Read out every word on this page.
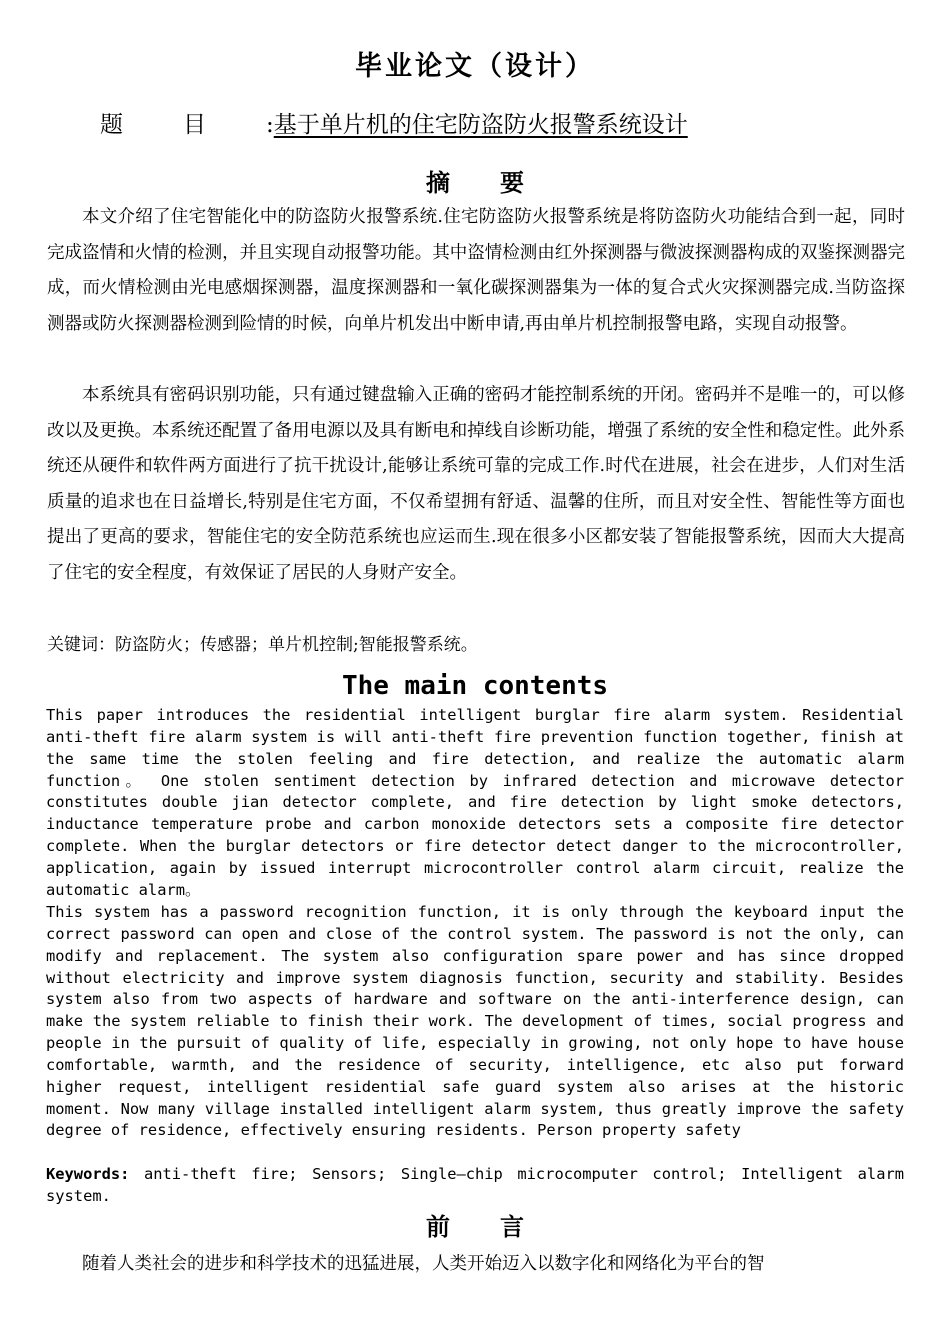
毕业论文（设计）
题目:基于单片机的住宅防盗防火报警系统设计
摘要

本文介绍了住宅智能化中的防盗防火报警系统.住宅防盗防火报警系统是将防盗防火功能结合到一起，同时完成盗情和火情的检测，并且实现自动报警功能。其中盗情检测由红外探测器与微波探测器构成的双鉴探测器完成，而火情检测由光电感烟探测器，温度探测器和一氧化碳探测器集为一体的复合式火灾探测器完成.当防盗探测器或防火探测器检测到险情的时候，向单片机发出中断申请,再由单片机控制报警电路，实现自动报警。

本系统具有密码识别功能，只有通过键盘输入正确的密码才能控制系统的开闭。密码并不是唯一的，可以修改以及更换。本系统还配置了备用电源以及具有断电和掉线自诊断功能，增强了系统的安全性和稳定性。此外系统还从硬件和软件两方面进行了抗干扰设计,能够让系统可靠的完成工作.时代在进展，社会在进步，人们对生活质量的追求也在日益增长,特别是住宅方面，不仅希望拥有舒适、温馨的住所，而且对安全性、智能性等方面也提出了更高的要求，智能住宅的安全防范系统也应运而生.现在很多小区都安装了智能报警系统，因而大大提高了住宅的安全程度，有效保证了居民的人身财产安全。

关键词：防盗防火；传感器；单片机控制;智能报警系统。

The main contents

This paper introduces the residential intelligent burglar fire alarm system. Residential anti-theft fire alarm system is will anti-theft fire prevention function together, finish at the same time the stolen feeling and fire detection, and realize the automatic alarm function。 One stolen sentiment detection by infrared detection and microwave detector constitutes double jian detector complete, and fire detection by light smoke detectors, inductance temperature probe and carbon monoxide detectors sets a composite fire detector complete. When the burglar detectors or fire detector detect danger to the microcontroller, application, again by issued interrupt microcontroller control alarm circuit, realize the automatic alarm。

This system has a password recognition function, it is only through the keyboard input the correct password can open and close of the control system. The password is not the only, can modify and replacement. The system also configuration spare power and has since dropped without electricity and improve system diagnosis function, security and stability. Besides system also from two aspects of hardware and software on the anti-interference design, can make the system reliable to finish their work. The development of times, social progress and people in the pursuit of quality of life, especially in growing, not only hope to have house comfortable, warmth, and the residence of security, intelligence, etc also put forward higher request, intelligent residential safe guard system also arises at the historic moment. Now many village installed intelligent alarm system, thus greatly improve the safety degree of residence, effectively ensuring residents. Person property safety

Keywords: anti-theft fire; Sensors; Single—chip microcomputer control; Intelligent alarm system.

前言

随着人类社会的进步和科学技术的迅猛进展，人类开始迈入以数字化和网络化为平台的智
